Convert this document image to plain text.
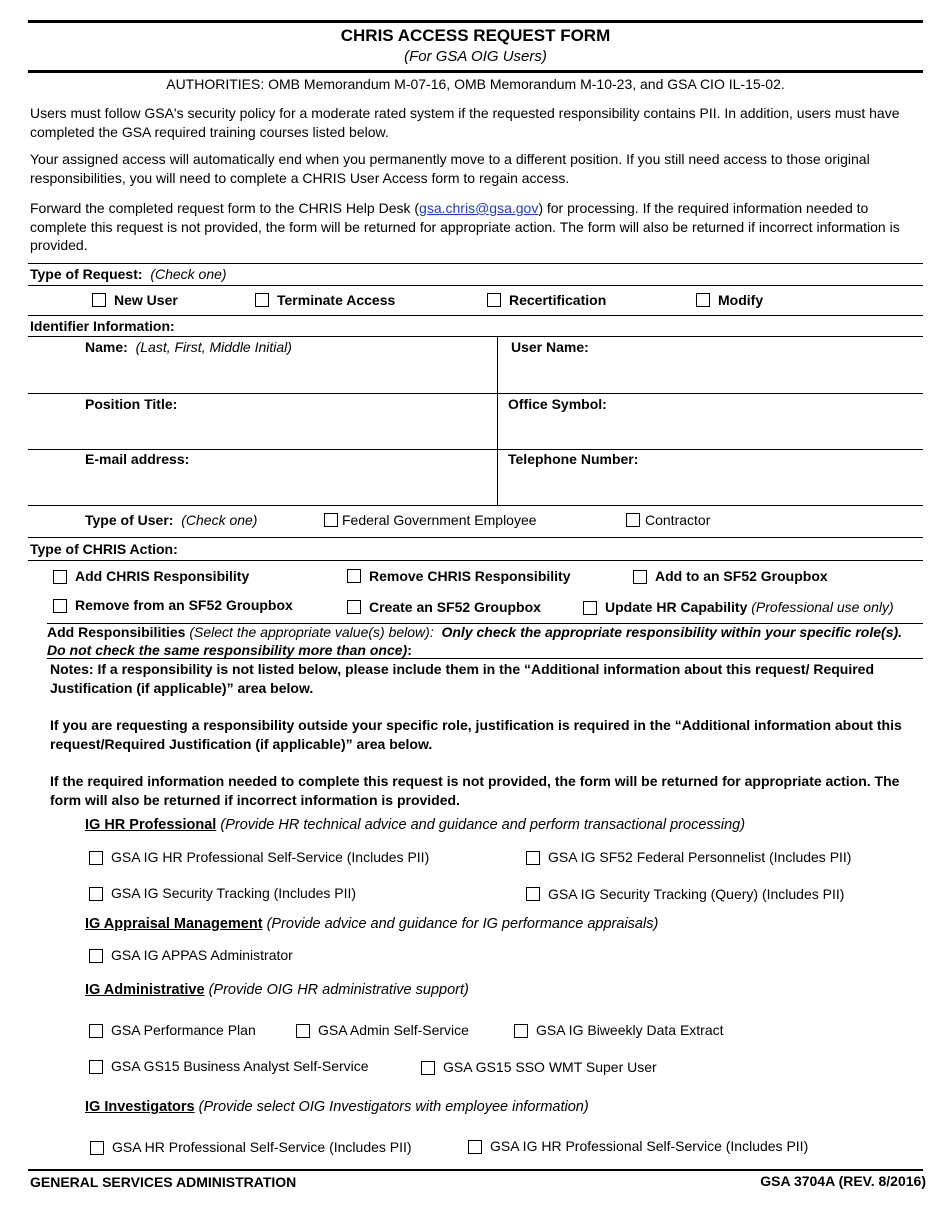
CHRIS ACCESS REQUEST FORM
(For GSA OIG Users)
AUTHORITIES: OMB Memorandum M-07-16, OMB Memorandum M-10-23, and GSA CIO IL-15-02.
Users must follow GSA's security policy for a moderate rated system if the requested responsibility contains PII. In addition, users must have completed the GSA required training courses listed below.
Your assigned access will automatically end when you permanently move to a different position. If you still need access to those original responsibilities, you will need to complete a CHRIS User Access form to regain access.
Forward the completed request form to the CHRIS Help Desk (gsa.chris@gsa.gov) for processing. If the required information needed to complete this request is not provided, the form will be returned for appropriate action. The form will also be returned if incorrect information is provided.
Type of Request: (Check one)
New User	Terminate Access	Recertification	Modify
Identifier Information:
Name: (Last, First, Middle Initial)	User Name:
Position Title:	Office Symbol:
E-mail address:	Telephone Number:
Type of User: (Check one)	Federal Government Employee	Contractor
Type of CHRIS Action:
Add CHRIS Responsibility	Remove CHRIS Responsibility	Add to an SF52 Groupbox
Remove from an SF52 Groupbox	Create an SF52 Groupbox	Update HR Capability (Professional use only)
Add Responsibilities (Select the appropriate value(s) below): Only check the appropriate responsibility within your specific role(s). Do not check the same responsibility more than once):
Notes: If a responsibility is not listed below, please include them in the “Additional information about this request/ Required Justification (if applicable)” area below.
If you are requesting a responsibility outside your specific role, justification is required in the “Additional information about this request/Required Justification (if applicable)” area below.
If the required information needed to complete this request is not provided, the form will be returned for appropriate action. The form will also be returned if incorrect information is provided.
IG HR Professional (Provide HR technical advice and guidance and perform transactional processing)
GSA IG HR Professional Self-Service (Includes PII)	GSA IG SF52 Federal Personnelist (Includes PII)
GSA IG Security Tracking (Includes PII)	GSA IG Security Tracking (Query) (Includes PII)
IG Appraisal Management (Provide advice and guidance for IG performance appraisals)
GSA IG APPAS Administrator
IG Administrative (Provide OIG HR administrative support)
GSA Performance Plan	GSA Admin Self-Service	GSA IG Biweekly Data Extract
GSA GS15 Business Analyst Self-Service	GSA GS15 SSO WMT Super User
IG Investigators (Provide select OIG Investigators with employee information)
GSA HR Professional Self-Service (Includes PII)	GSA IG HR Professional Self-Service (Includes PII)
GENERAL SERVICES ADMINISTRATION	GSA 3704A (REV. 8/2016)
